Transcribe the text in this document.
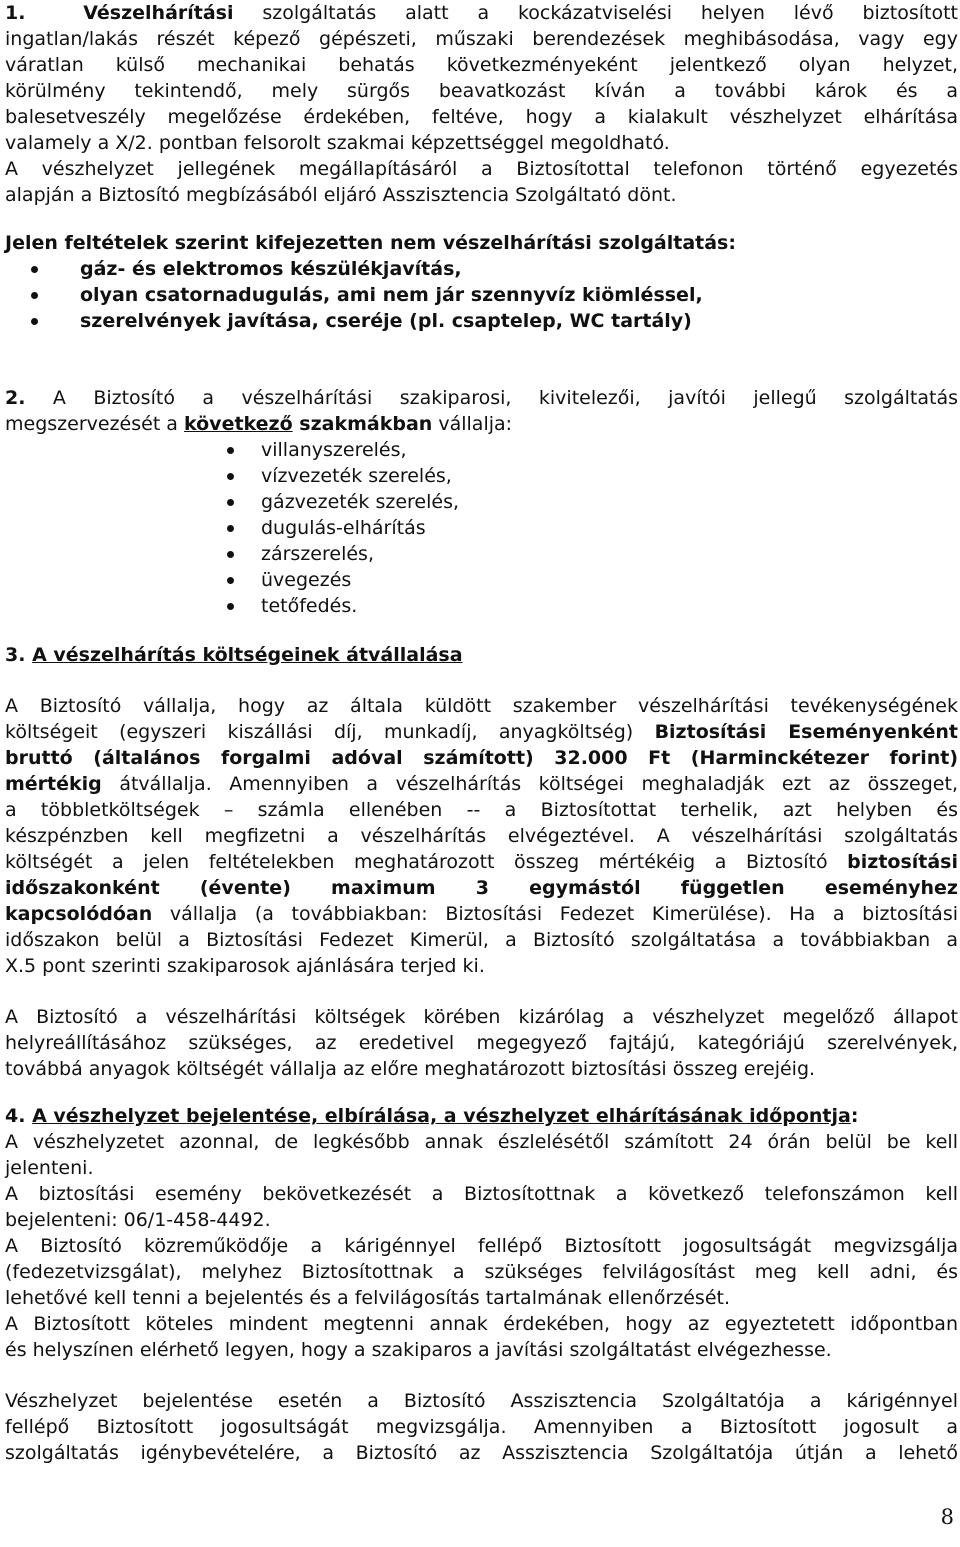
1.	Vészelhárítási szolgáltatás alatt a kockázatviselési helyen lévő biztosított
ingatlan/lakás részét képező gépészeti, műszaki berendezések meghibásodása, vagy egy
váratlan külső mechanikai behatás következményeként jelentkező olyan helyzet,
körülmény tekintendő, mely sürgős beavatkozást kíván a további károk és a
balesetveszély megelőzése érdekében, feltéve, hogy a kialakult vészhelyzet elhárítása
valamely a X/2. pontban felsorolt szakmai képzettséggel megoldható.
A vészhelyzet jellegének megállapításáról a Biztosítottal telefonon történő egyezetés
alapján a Biztosító megbízásából eljáró Asszisztencia Szolgáltató dönt.
Jelen feltételek szerint kifejezetten nem vészelhárítási szolgáltatás:
gáz- és elektromos készülékjavítás,
olyan csatornadugulás, ami nem jár szennyvíz kiömléssel,
szerelvények javítása, cseréje (pl. csaptelep, WC tartály)
2. A Biztosító a vészelhárítási szakiparosi, kivitelezői, javítói jellegű szolgáltatás
megszervezését a következő szakmákban vállalja:
villanyszerelés,
vízvezeték szerelés,
gázvezeték szerelés,
dugulás-elhárítás
zárszerelés,
üvegezés
tetőfedés.
3. A vészelhárítás költségeinek átvállalása
A Biztosító vállalja, hogy az általa küldött szakember vészelhárítási tevékenységének
költségeit (egyszeri kiszállási díj, munkadíj, anyagköltség) Biztosítási Eseményenként
bruttó (általános forgalmi adóval számított) 32.000 Ft (Harminckétezer forint)
mértékig átvállalja. Amennyiben a vészelhárítás költségei meghaladják ezt az összeget,
a többletköltségek – számla ellenében -- a Biztosítottat terhelik, azt helyben és
készpénzben kell megfizetni a vészelhárítás elvégeztével. A vészelhárítási szolgáltatás
költségét a jelen feltételekben meghatározott összeg mértékéig a Biztosító biztosítási
időszakonként (évente) maximum 3 egymástól független eseményhez
kapcsolódóan vállalja (a továbbiakban: Biztosítási Fedezet Kimerülése). Ha a biztosítási
időszakon belül a Biztosítási Fedezet Kimerül, a Biztosító szolgáltatása a továbbiakban a
X.5 pont szerinti szakiparosok ajánlására terjed ki.
A Biztosító a vészelhárítási költségek körében kizárólag a vészhelyzet megelőző állapot
helyreállításához szükséges, az eredetivel megegyező fajtájú, kategóriájú szerelvények,
továbbá anyagok költségét vállalja az előre meghatározott biztosítási összeg erejéig.
4. A vészhelyzet bejelentése, elbírálása, a vészhelyzet elhárításának időpontja:
A vészhelyzetet azonnal, de legkésőbb annak észlelésétől számított 24 órán belül be kell
jelenteni.
A biztosítási esemény bekövetkezését a Biztosítottnak a következő telefonszámon kell
bejelenteni: 06/1-458-4492.
A Biztosító közreműködője a kárigénnyel fellépő Biztosított jogosultságát megvizsgálja
(fedezetvizsgálat), melyhez Biztosítottnak a szükséges felvilágosítást meg kell adni, és
lehetővé kell tenni a bejelentés és a felvilágosítás tartalmának ellenőrzését.
A Biztosított köteles mindent megtenni annak érdekében, hogy az egyeztetett időpontban
és helyszínen elérhető legyen, hogy a szakiparos a javítási szolgáltatást elvégezhesse.
Vészhelyzet bejelentése esetén a Biztosító Asszisztencia Szolgáltatója a kárigénnyel
fellépő Biztosított jogosultságát megvizsgálja. Amennyiben a Biztosított jogosult a
szolgáltatás igénybevételére, a Biztosító az Asszisztencia Szolgáltatója útján a lehető
8
